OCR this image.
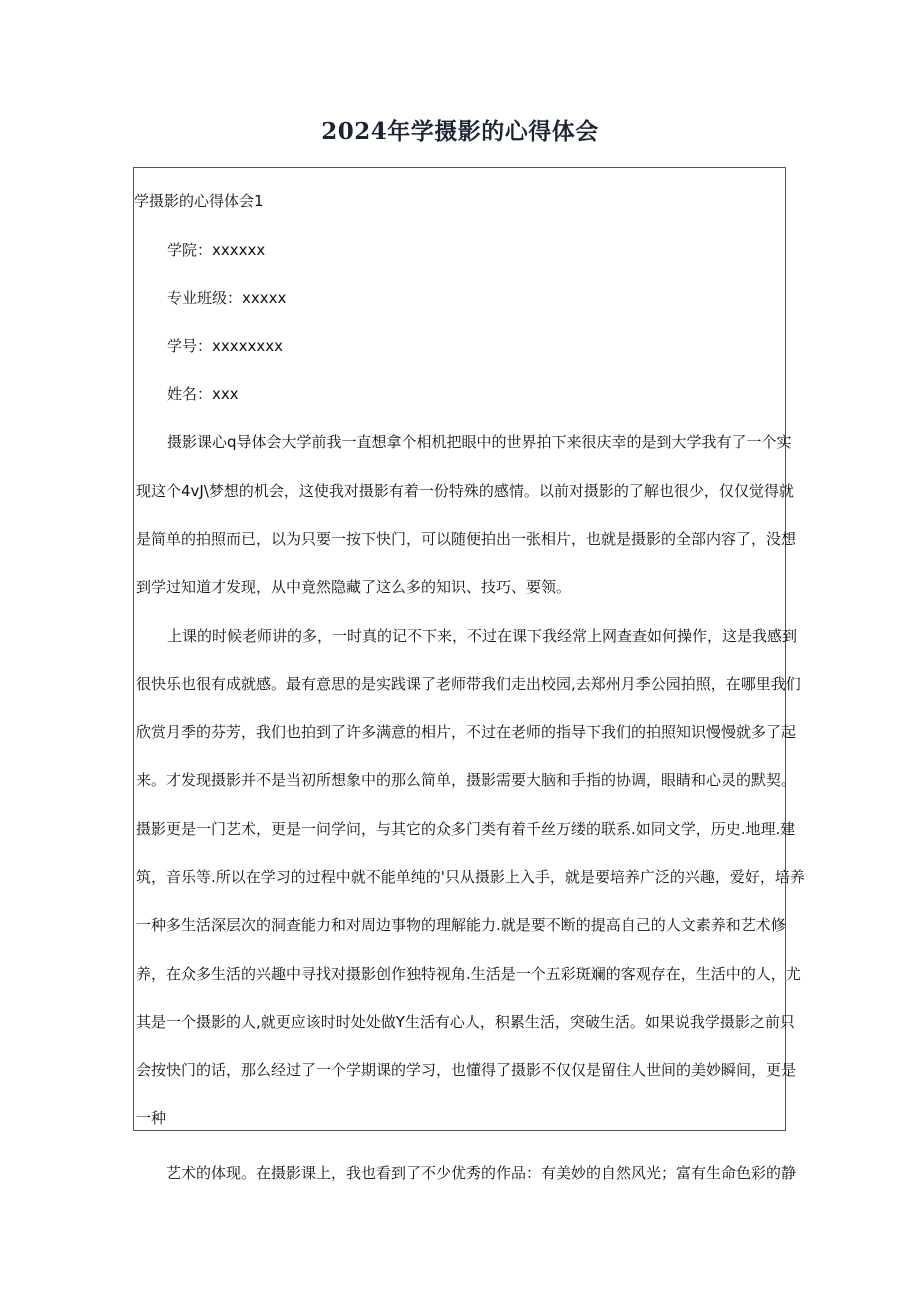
2024年学摄影的心得体会
学摄影的心得体会1
学院：xxxxxx
专业班级：xxxxx
学号：xxxxxxxx
姓名：xxx
摄影课心q导体会大学前我一直想拿个相机把眼中的世界拍下来很庆幸的是到大学我有了一个实
现这个4vJ\梦想的机会，这使我对摄影有着一份特殊的感情。以前对摄影的了解也很少，仅仅觉得就
是简单的拍照而已，以为只要一按下快门，可以随便拍出一张相片，也就是摄影的全部内容了，没想
到学过知道才发现，从中竟然隐藏了这么多的知识、技巧、要领。
上课的时候老师讲的多，一时真的记不下来，不过在课下我经常上网查查如何操作，这是我感到
很快乐也很有成就感。最有意思的是实践课了老师带我们走出校园,去郑州月季公园拍照，在哪里我们
欣赏月季的芬芳，我们也拍到了许多满意的相片，不过在老师的指导下我们的拍照知识慢慢就多了起
来。才发现摄影并不是当初所想象中的那么简单，摄影需要大脑和手指的协调，眼睛和心灵的默契。
摄影更是一门艺术，更是一问学问，与其它的众多门类有着千丝万缕的联系.如同文学，历史.地理.建
筑，音乐等.所以在学习的过程中就不能单纯的'只从摄影上入手，就是要培养广泛的兴趣，爱好，培养
一种多生活深层次的洞查能力和对周边事物的理解能力.就是要不断的提高自己的人文素养和艺术修
养，在众多生活的兴趣中寻找对摄影创作独特视角.生活是一个五彩斑斓的客观存在，生活中的人，尤
其是一个摄影的人,就更应该时时处处做Y生活有心人，积累生活，突破生活。如果说我学摄影之前只
会按快门的话，那么经过了一个学期课的学习，也懂得了摄影不仅仅是留住人世间的美妙瞬间，更是
一种
艺术的体现。在摄影课上，我也看到了不少优秀的作品：有美妙的自然风光；富有生命色彩的静
